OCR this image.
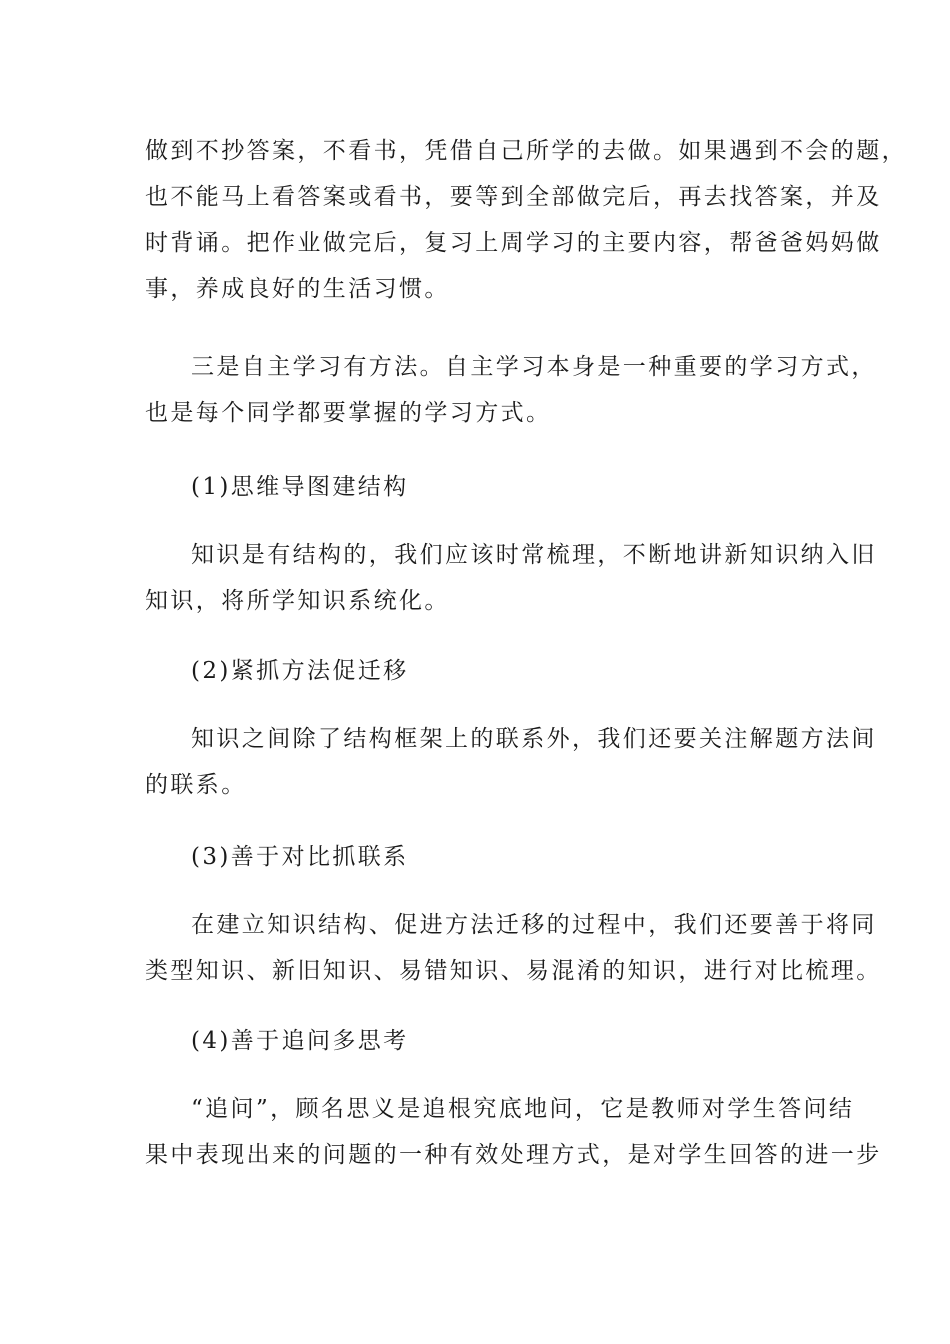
做到不抄答案，不看书，凭借自己所学的去做。如果遇到不会的题，
也不能马上看答案或看书，要等到全部做完后，再去找答案，并及
时背诵。把作业做完后，复习上周学习的主要内容，帮爸爸妈妈做
事，养成良好的生活习惯。
三是自主学习有方法。自主学习本身是一种重要的学习方式，
也是每个同学都要掌握的学习方式。
(1)思维导图建结构
知识是有结构的，我们应该时常梳理，不断地讲新知识纳入旧
知识，将所学知识系统化。
(2)紧抓方法促迁移
知识之间除了结构框架上的联系外，我们还要关注解题方法间
的联系。
(3)善于对比抓联系
在建立知识结构、促进方法迁移的过程中，我们还要善于将同
类型知识、新旧知识、易错知识、易混淆的知识，进行对比梳理。
(4)善于追问多思考
“追问”，顾名思义是追根究底地问，它是教师对学生答问结
果中表现出来的问题的一种有效处理方式，是对学生回答的进一步
